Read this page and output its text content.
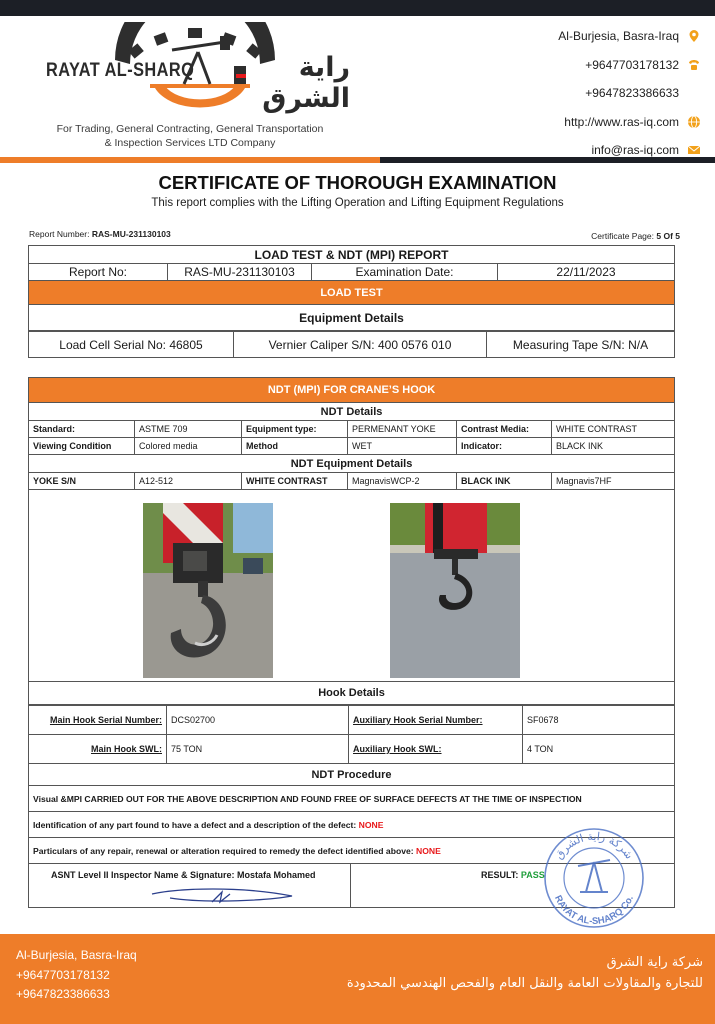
RAYAT AL-SHARQ	راية الشرق
For Trading, General Contracting, General Transportation
& Inspection Services LTD Company
Al-Burjesia, Basra-Iraq
+9647703178132
+9647823386633
http://www.ras-iq.com
info@ras-iq.com
CERTIFICATE OF THOROUGH EXAMINATION
This report complies with the Lifting Operation and Lifting Equipment Regulations
Report Number: RAS-MU-231130103	Certificate Page: 5 Of 5
LOAD TEST & NDT (MPI) REPORT
Report No:	RAS-MU-231130103	Examination Date:	22/11/2023
LOAD TEST
Equipment Details
Load Cell Serial No: 46805	Vernier Caliper S/N: 400 0576 010	Measuring Tape S/N: N/A
NDT (MPI) FOR CRANE’S HOOK					
NDT Details					
Standard:	ASTME 709	Equipment type:	PERMENANT YOKE	Contrast Media:	WHITE CONTRAST
Viewing Condition	Colored media	Method	WET	Indicator:	BLACK INK
NDT Equipment Details					
YOKE S/N	A12-512	WHITE CONTRAST	MagnavisWCP-2	BLACK INK	Magnavis7HF

Hook Details					
Main Hook Serial Number:	DCS02700	Auxiliary Hook Serial Number:	SF0678
Main Hook SWL:	75 TON	Auxiliary Hook SWL:	4 TON
NDT Procedure
Visual &MPI CARRIED OUT FOR THE ABOVE DESCRIPTION AND FOUND FREE OF SURFACE DEFECTS AT THE TIME OF INSPECTION
Identification of any part found to have a defect and a description of the defect: NONE
Particulars of any repair, renewal or alteration required to remedy the defect identified above: NONE
ASNT Level II Inspector Name & Signature: Mostafa Mohamed	RESULT: PASS
شركة راية الشرق
RAYAT AL-SHARQ Co.
Al-Burjesia, Basra-Iraq
+9647703178132
+9647823386633
شركة راية الشرق
للتجارة والمقاولات العامة والنقل العام والفحص الهندسي المحدودة
